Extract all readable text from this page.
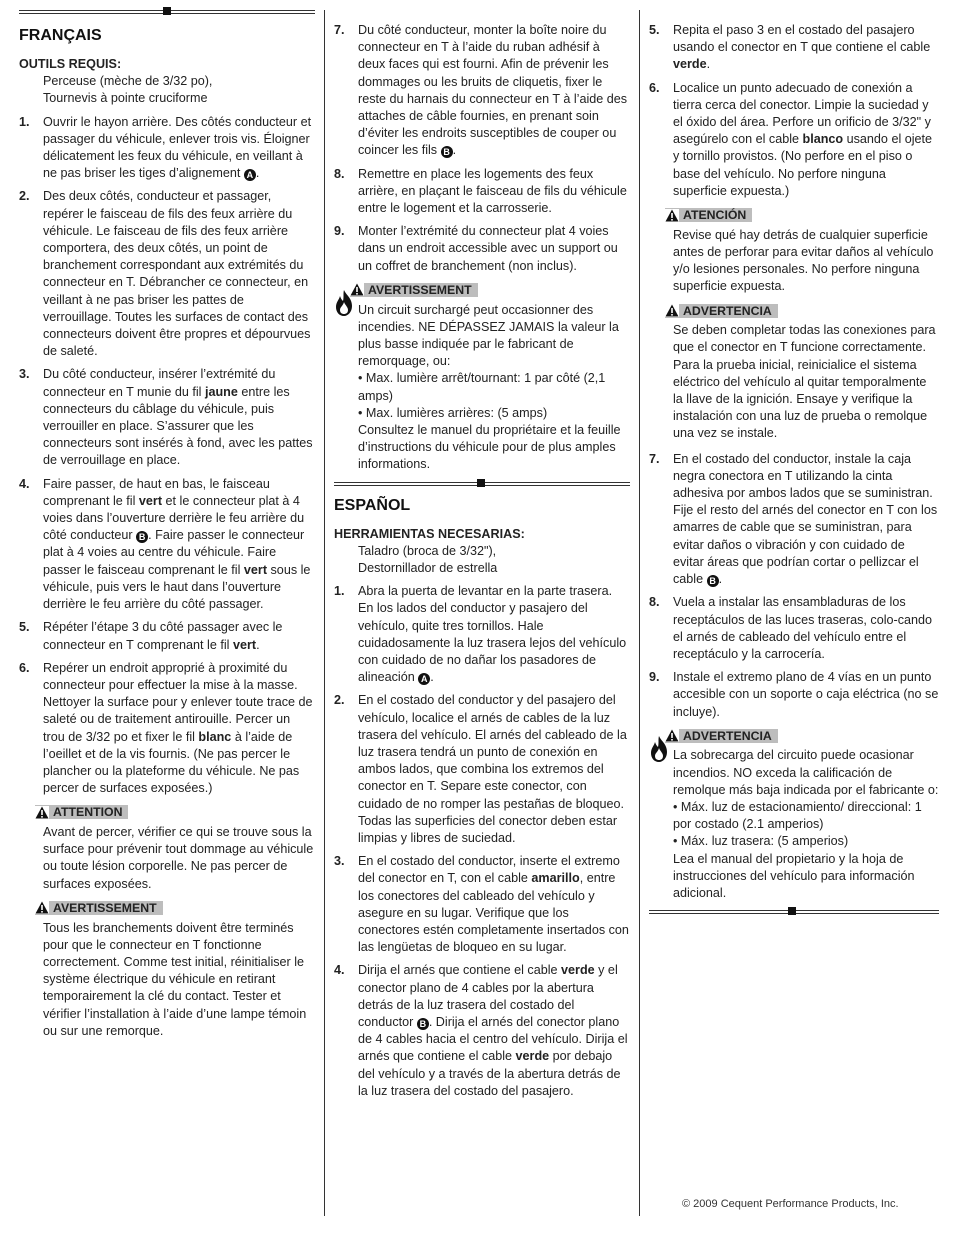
FRANÇAIS
OUTILS REQUIS:
Perceuse (mèche de 3/32 po),
Tournevis à pointe cruciforme
1. Ouvrir le hayon arrière. Des côtés conducteur et passager du véhicule, enlever trois vis. Éloigner délicatement les feux du véhicule, en veillant à ne pas briser les tiges d’alignement A .
2. Des deux côtés, conducteur et passager, repérer le faisceau de fils des feux arrière du véhicule. Le faisceau de fils des feux arrière comportera, des deux côtés, un point de branchement correspondant aux extrémités du connecteur en T. Débrancher ce connecteur, en veillant à ne pas briser les pattes de verrouillage. Toutes les surfaces de contact des connecteurs doivent être propres et dépourvues de saleté.
3. Du côté conducteur, insérer l’extrémité du connecteur en T munie du fil jaune entre les connecteurs du câblage du véhicule, puis verrouiller en place. S’assurer que les connecteurs sont insérés à fond, avec les pattes de verrouillage en place.
4. Faire passer, de haut en bas, le faisceau comprenant le fil vert et le connecteur plat à 4 voies dans l’ouverture derrière le feu arrière du côté conducteur B . Faire passer le connecteur plat à 4 voies au centre du véhicule. Faire passer le faisceau comprenant le fil vert sous le véhicule, puis vers le haut dans l’ouverture derrière le feu arrière du côté passager.
5. Répéter l’étape 3 du côté passager avec le connecteur en T comprenant le fil vert.
6. Repérer un endroit approprié à proximité du connecteur pour effectuer la mise à la masse. Nettoyer la surface pour y enlever toute trace de saleté ou de traitement antirouille. Percer un trou de 3/32 po et fixer le fil blanc à l’aide de l’oeillet et de la vis fournis. (Ne pas percer le plancher ou la plateforme du véhicule. Ne pas percer de surfaces exposées.)
ATTENTION
Avant de percer, vérifier ce qui se trouve sous la surface pour prévenir tout dommage au véhicule ou toute lésion corporelle. Ne pas percer de surfaces exposées.
AVERTISSEMENT
Tous les branchements doivent être terminés pour que le connecteur en T fonctionne correctement. Comme test initial, réinitialiser le système électrique du véhicule en retirant temporairement la clé du contact. Tester et vérifier l’installation à l’aide d’une lampe témoin ou sur une remorque.
7. Du côté conducteur, monter la boîte noire du connecteur en T à l’aide du ruban adhésif à deux faces qui est fourni. Afin de prévenir les dommages ou les bruits de cliquetis, fixer le reste du harnais du connecteur en T à l’aide des attaches de câble fournies, en prenant soin d’éviter les endroits susceptibles de couper ou coincer les fils B .
8. Remettre en place les logements des feux arrière, en plaçant le faisceau de fils du véhicule entre le logement et la carrosserie.
9. Monter l’extrémité du connecteur plat 4 voies dans un endroit accessible avec un support ou un coffret de branchement (non inclus).
AVERTISSEMENT
Un circuit surchargé peut occasionner des incendies. NE DÉPASSEZ JAMAIS la valeur la plus basse indiquée par le fabricant de remorquage, ou:
• Max. lumière arrêt/tournant: 1 par côté (2,1 amps)
• Max. lumières arrières: (5 amps)
Consultez le manuel du propriétaire et la feuille d’instructions du véhicule pour de plus amples informations.
ESPAÑOL
HERRAMIENTAS NECESARIAS:
Taladro (broca de 3/32"),
Destornillador de estrella
1. Abra la puerta de levantar en la parte trasera. En los lados del conductor y pasajero del vehículo, quite tres tornillos. Hale cuidadosamente la luz trasera lejos del vehículo con cuidado de no dañar los pasadores de alineación A .
2. En el costado del conductor y del pasajero del vehículo, localice el arnés de cables de la luz trasera del vehículo. El arnés del cableado de la luz trasera tendrá un punto de conexión en ambos lados, que combina los extremos del conector en T. Separe este conector, con cuidado de no romper las pestañas de bloqueo. Todas las superficies del conector deben estar limpias y libres de suciedad.
3. En el costado del conductor, inserte el extremo del conector en T, con el cable amarillo, entre los conectores del cableado del vehículo y asegure en su lugar. Verifique que los conectores estén completamente insertados con las lengüetas de bloqueo en su lugar.
4. Dirija el arnés que contiene el cable verde y el conector plano de 4 cables por la abertura detrás de la luz trasera del costado del conductor B . Dirija el arnés del conector plano de 4 cables hacia el centro del vehículo. Dirija el arnés que contiene el cable verde por debajo del vehículo y a través de la abertura detrás de la luz trasera del costado del pasajero.
5. Repita el paso 3 en el costado del pasajero usando el conector en T que contiene el cable verde.
6. Localice un punto adecuado de conexión a tierra cerca del conector. Limpie la suciedad y el óxido del área. Perfore un orificio de 3/32" y asegúrelo con el cable blanco usando el ojete y tornillo provistos. (No perfore en el piso o base del vehículo. No perfore ninguna superficie expuesta.)
ATENCIÓN
Revise qué hay detrás de cualquier superficie antes de perforar para evitar daños al vehículo y/o lesiones personales. No perfore ninguna superficie expuesta.
ADVERTENCIA
Se deben completar todas las conexiones para que el conector en T funcione correctamente. Para la prueba inicial, reinicialice el sistema eléctrico del vehículo al quitar temporalmente la llave de la ignición. Ensaye y verifique la instalación con una luz de prueba o remolque una vez se instale.
7. En el costado del conductor, instale la caja negra conectora en T utilizando la cinta adhesiva por ambos lados que se suministran. Fije el resto del arnés del conector en T con los amarres de cable que se suministran, para evitar daños o vibración y con cuidado de evitar áreas que podrían cortar o pellizcar el cable B .
8. Vuela a instalar las ensambladuras de los receptáculos de las luces traseras, colo-cando el arnés de cableado del vehículo entre el receptáculo y la carrocería.
9. Instale el extremo plano de 4 vías en un punto accesible con un soporte o caja eléctrica (no se incluye).
ADVERTENCIA
La sobrecarga del circuito puede ocasionar incendios. NO exceda la calificación de remolque más baja indicada por el fabricante o:
• Máx. luz de estacionamiento/ direccional: 1 por costado (2.1 amperios)
• Máx. luz trasera: (5 amperios)
Lea el manual del propietario y la hoja de instrucciones del vehículo para información adicional.
© 2009 Cequent Performance Products, Inc.
